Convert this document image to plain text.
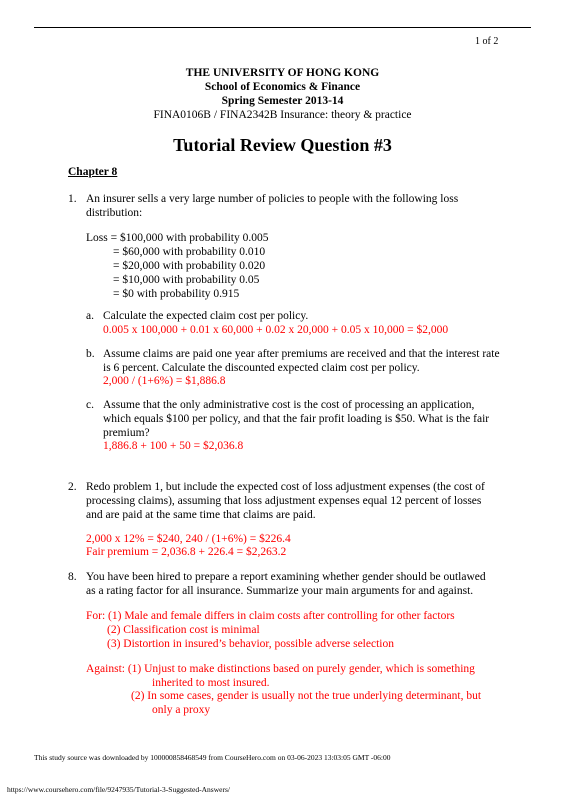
1 of 2
THE UNIVERSITY OF HONG KONG
School of Economics & Finance
Spring Semester 2013-14
FINA0106B / FINA2342B Insurance: theory & practice
Tutorial Review Question #3
Chapter 8
1. An insurer sells a very large number of policies to people with the following loss
distribution:
Loss = $100,000 with probability 0.005
= $60,000 with probability 0.010
= $20,000 with probability 0.020
= $10,000 with probability 0.05
= $0 with probability 0.915
a. Calculate the expected claim cost per policy.
0.005 x 100,000 + 0.01 x 60,000 + 0.02 x 20,000 + 0.05 x 10,000 = $2,000
b. Assume claims are paid one year after premiums are received and that the interest rate
is 6 percent. Calculate the discounted expected claim cost per policy.
2,000 / (1+6%) = $1,886.8
c. Assume that the only administrative cost is the cost of processing an application,
which equals $100 per policy, and that the fair profit loading is $50. What is the fair
premium?
1,886.8 + 100 + 50 = $2,036.8
2. Redo problem 1, but include the expected cost of loss adjustment expenses (the cost of
processing claims), assuming that loss adjustment expenses equal 12 percent of losses
and are paid at the same time that claims are paid.
2,000 x 12% = $240, 240 / (1+6%) = $226.4
Fair premium = 2,036.8 + 226.4 = $2,263.2
8. You have been hired to prepare a report examining whether gender should be outlawed
as a rating factor for all insurance. Summarize your main arguments for and against.
For: (1) Male and female differs in claim costs after controlling for other factors
(2) Classification cost is minimal
(3) Distortion in insured’s behavior, possible adverse selection
Against: (1) Unjust to make distinctions based on purely gender, which is something
inherited to most insured.
(2) In some cases, gender is usually not the true underlying determinant, but
only a proxy
This study source was downloaded by 100000858468549 from CourseHero.com on 03-06-2023 13:03:05 GMT -06:00
https://www.coursehero.com/file/9247935/Tutorial-3-Suggested-Answers/
